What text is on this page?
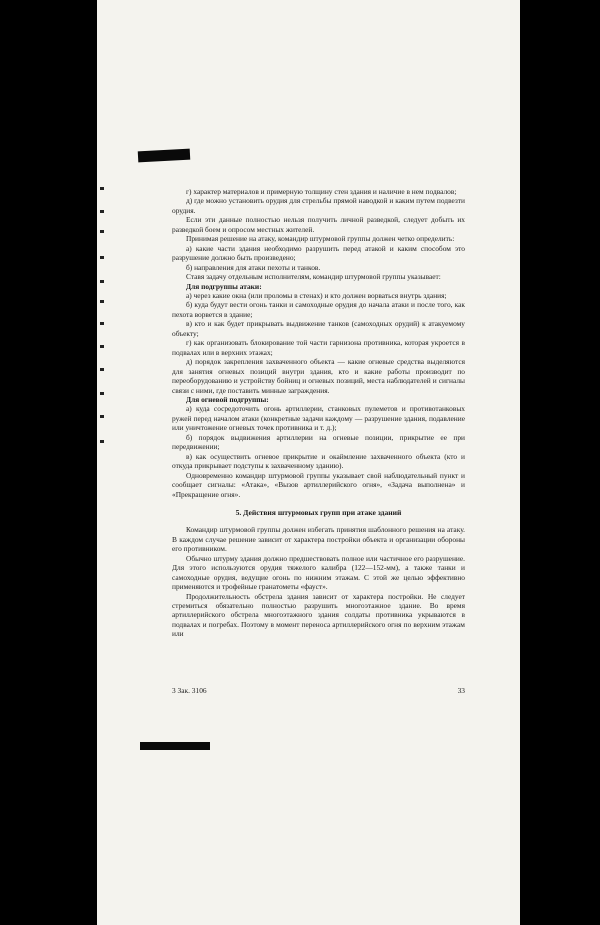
г) характер материалов и примерную толщину стен здания и наличие в нем подвалов;

д) где можно установить орудия для стрельбы прямой наводкой и каким путем подвезти орудия.

Если эти данные полностью нельзя получить личной разведкой, следует добыть их разведкой боем и опросом местных жителей.

Принимая решение на атаку, командир штурмовой группы должен четко определить:

а) какие части здания необходимо разрушить перед атакой и каким способом это разрушение должно быть произведено;

б) направления для атаки пехоты и танков.

Ставя задачу отдельным исполнителям, командир штурмовой группы указывает:

Для подгруппы атаки:

а) через какие окна (или проломы в стенах) и кто должен ворваться внутрь здания;

б) куда будут вести огонь танки и самоходные орудия до начала атаки и после того, как пехота ворвется в здание;

в) кто и как будет прикрывать выдвижение танков (самоходных орудий) к атакуемому объекту;

г) как организовать блокирование той части гарнизона противника, которая укроется в подвалах или в верхних этажах;

д) порядок закрепления захваченного объекта — какие огневые средства выделяются для занятия огневых позиций внутри здания, кто и какие работы производит по переоборудованию и устройству бойниц и огневых позиций, места наблюдателей и сигналы связи с ними, где поставить минные заграждения.

Для огневой подгруппы:

а) куда сосредоточить огонь артиллерии, станковых пулеметов и противотанковых ружей перед началом атаки (конкретные задачи каждому — разрушение здания, подавление или уничтожение огневых точек противника и т. д.);

б) порядок выдвижения артиллерии на огневые позиции, прикрытие ее при передвижении;

в) как осуществить огневое прикрытие и окаймление захваченного объекта (кто и откуда прикрывает подступы к захваченному зданию).

Одновременно командир штурмовой группы указывает свой наблюдательный пункт и сообщает сигналы: «Атака», «Вызов артиллерийского огня», «Задача выполнена» и «Прекращение огня».

5. Действия штурмовых групп при атаке зданий

Командир штурмовой группы должен избегать принятия шаблонного решения на атаку. В каждом случае решение зависит от характера постройки объекта и организации обороны его противником.

Обычно штурму здания должно предшествовать полное или частичное его разрушение. Для этого используются орудия тяжелого калибра (122—152-мм), а также танки и самоходные орудия, ведущие огонь по нижним этажам. С этой же целью эффективно применяются и трофейные гранатометы «фауст».

Продолжительность обстрела здания зависит от характера постройки. Не следует стремиться обязательно полностью разрушить многоэтажное здание. Во время артиллерийского обстрела многоэтажного здания солдаты противника укрываются в подвалах и погребах. Поэтому в момент переноса артиллерийского огня по верхним этажам или

3 Зак. 3106	33
